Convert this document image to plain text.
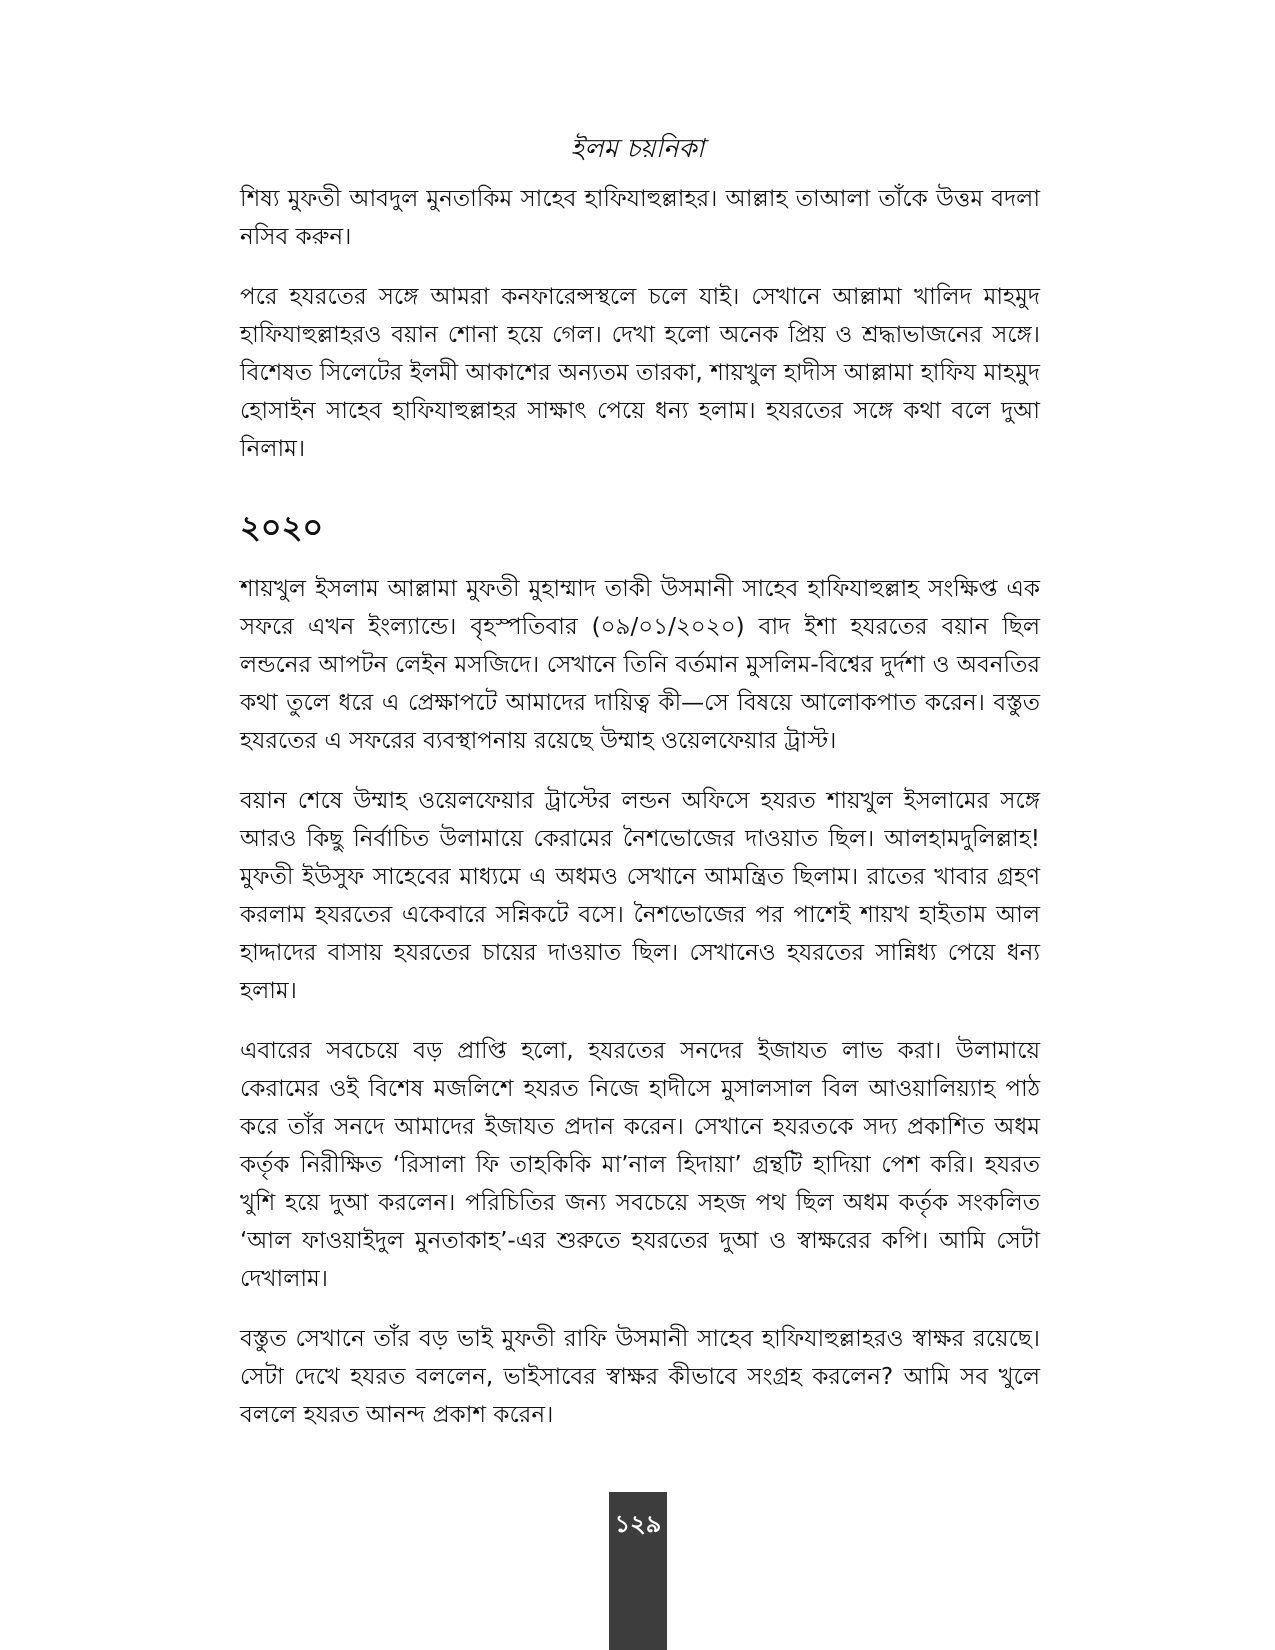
ইলম চয়নিকা

শিষ্য মুফতী আবদুল মুনতাকিম সাহেব হাফিযাহুল্লাহর। আল্লাহ তাআলা তাঁকে উত্তম বদলা নসিব করুন।

পরে হযরতের সঙ্গে আমরা কনফারেন্সস্থলে চলে যাই। সেখানে আল্লামা খালিদ মাহমুদ হাফিযাহুল্লাহরও বয়ান শোনা হয়ে গেল। দেখা হলো অনেক প্রিয় ও শ্রদ্ধাভাজনের সঙ্গে। বিশেষত সিলেটের ইলমী আকাশের অন্যতম তারকা, শায়খুল হাদীস আল্লামা হাফিয মাহমুদ হোসাইন সাহেব হাফিযাহুল্লাহর সাক্ষাৎ পেয়ে ধন্য হলাম। হযরতের সঙ্গে কথা বলে দুআ নিলাম।

২০২০

শায়খুল ইসলাম আল্লামা মুফতী মুহাম্মাদ তাকী উসমানী সাহেব হাফিযাহুল্লাহ সংক্ষিপ্ত এক সফরে এখন ইংল্যান্ডে। বৃহস্পতিবার (০৯/০১/২০২০) বাদ ইশা হযরতের বয়ান ছিল লন্ডনের আপটন লেইন মসজিদে। সেখানে তিনি বর্তমান মুসলিম-বিশ্বের দুর্দশা ও অবনতির কথা তুলে ধরে এ প্রেক্ষাপটে আমাদের দায়িত্ব কী—সে বিষয়ে আলোকপাত করেন। বস্তুত হযরতের এ সফরের ব্যবস্থাপনায় রয়েছে উম্মাহ ওয়েলফেয়ার ট্রাস্ট।

বয়ান শেষে উম্মাহ ওয়েলফেয়ার ট্রাস্টের লন্ডন অফিসে হযরত শায়খুল ইসলামের সঙ্গে আরও কিছু নির্বাচিত উলামায়ে কেরামের নৈশভোজের দাওয়াত ছিল। আলহামদুলিল্লাহ! মুফতী ইউসুফ সাহেবের মাধ্যমে এ অধমও সেখানে আমন্ত্রিত ছিলাম। রাতের খাবার গ্রহণ করলাম হযরতের একেবারে সন্নিকটে বসে। নৈশভোজের পর পাশেই শায়খ হাইতাম আল হাদ্দাদের বাসায় হযরতের চায়ের দাওয়াত ছিল। সেখানেও হযরতের সান্নিধ্য পেয়ে ধন্য হলাম।

এবারের সবচেয়ে বড় প্রাপ্তি হলো, হযরতের সনদের ইজাযত লাভ করা। উলামায়ে কেরামের ওই বিশেষ মজলিশে হযরত নিজে হাদীসে মুসালসাল বিল আওয়ালিয়্যাহ পাঠ করে তাঁর সনদে আমাদের ইজাযত প্রদান করেন। সেখানে হযরতকে সদ্য প্রকাশিত অধম কর্তৃক নিরীক্ষিত ‘রিসালা ফি তাহকিকি মা’নাল হিদায়া’ গ্রন্থটি হাদিয়া পেশ করি। হযরত খুশি হয়ে দুআ করলেন। পরিচিতির জন্য সবচেয়ে সহজ পথ ছিল অধম কর্তৃক সংকলিত ‘আল ফাওয়াইদুল মুনতাকাহ’-এর শুরুতে হযরতের দুআ ও স্বাক্ষরের কপি। আমি সেটা দেখালাম।

বস্তুত সেখানে তাঁর বড় ভাই মুফতী রাফি উসমানী সাহেব হাফিযাহুল্লাহরও স্বাক্ষর রয়েছে। সেটা দেখে হযরত বললেন, ভাইসাবের স্বাক্ষর কীভাবে সংগ্রহ করলেন? আমি সব খুলে বললে হযরত আনন্দ প্রকাশ করেন।

১২৯
